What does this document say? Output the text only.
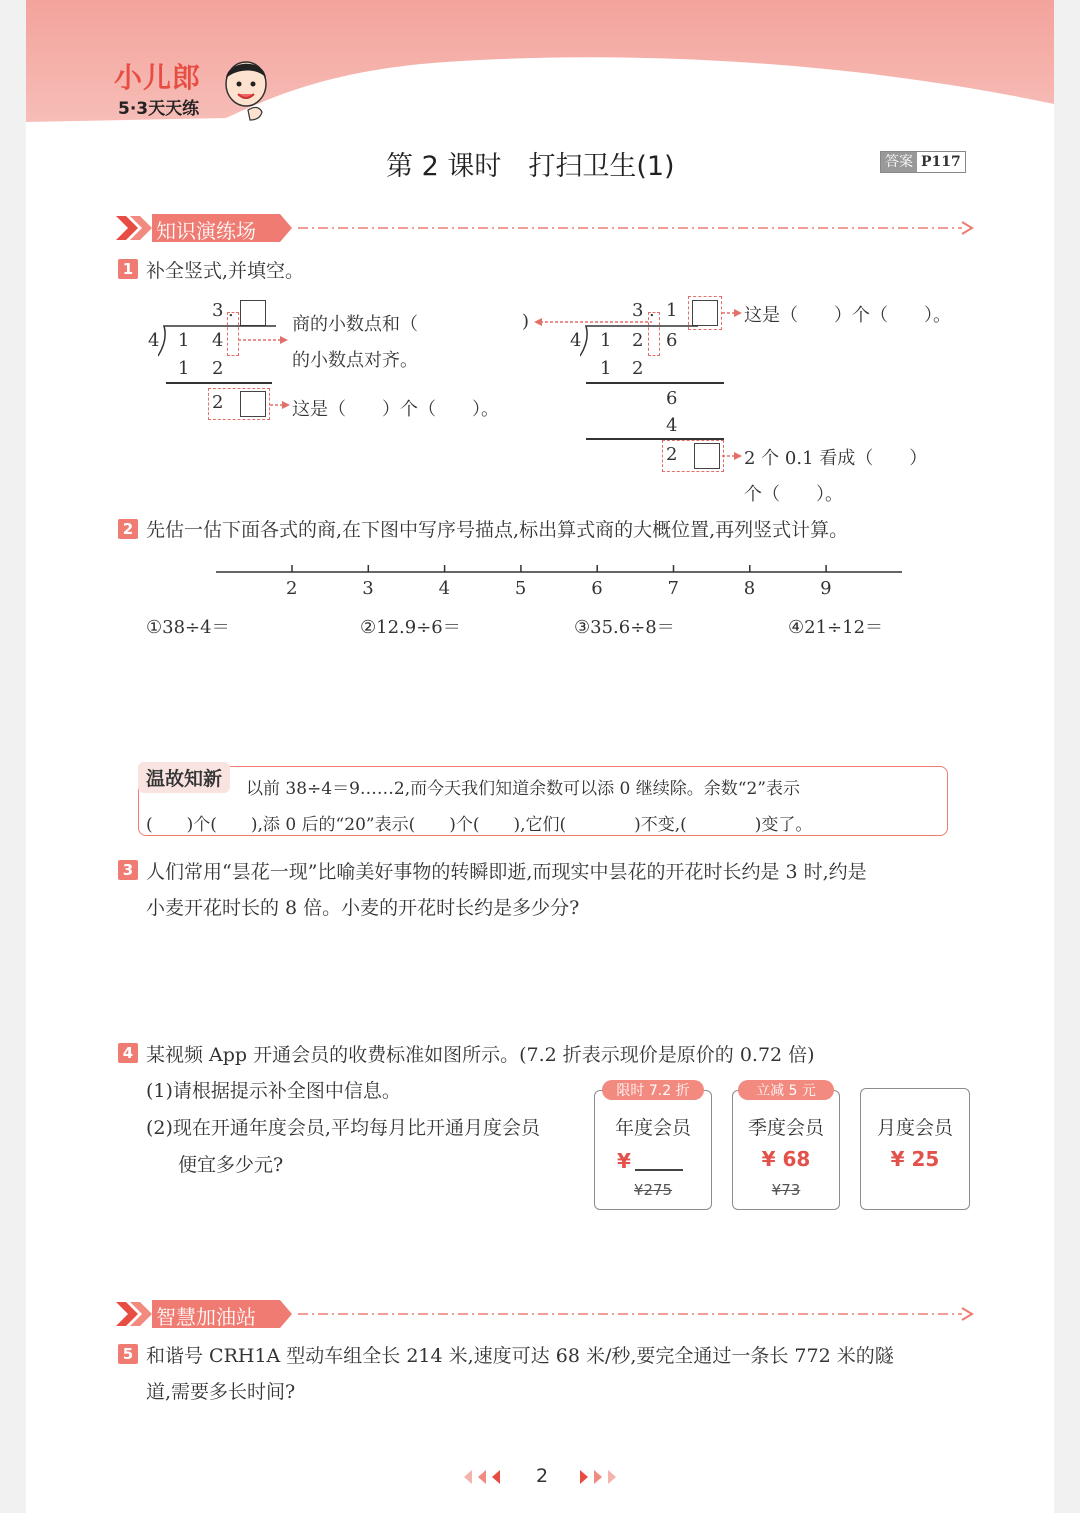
小儿郎
5·3天天练
第 2 课时　打扫卫生(1)	答案 P117
知识演练场
1 补全竖式,并填空。
3 .
4 1 4
1 2
2
商的小数点和（
的小数点对齐。
这是（　　）个（　　）。
)
3 . 1	这是（　　）个（　　）。
4 1 2 6
1 2
6
4
2	2 个 0.1 看成（　　）
个（　　）。
2 先估一估下面各式的商,在下图中写序号描点,标出算式商的大概位置,再列竖式计算。
2	3	4	5	6	7	8	9
①38÷4＝	②12.9÷6＝	③35.6÷8＝	④21÷12＝
温故知新	以前 38÷4＝9……2,而今天我们知道余数可以添 0 继续除。余数“2”表示
(　　)个(　　),添 0 后的“20”表示(　　)个(　　),它们(　　　　)不变,(　　　　)变了。
3 人们常用“昙花一现”比喻美好事物的转瞬即逝,而现实中昙花的开花时长约是 3 时,约是
小麦开花时长的 8 倍。小麦的开花时长约是多少分?
4 某视频 App 开通会员的收费标准如图所示。(7.2 折表示现价是原价的 0.72 倍)
(1)请根据提示补全图中信息。
(2)现在开通年度会员,平均每月比开通月度会员
便宜多少元?
年度会员
¥
¥275
限时 7.2 折
季度会员
¥ 68
¥73
立减 5 元
月度会员
¥ 25
智慧加油站
5 和谐号 CRH1A 型动车组全长 214 米,速度可达 68 米/秒,要完全通过一条长 772 米的隧
道,需要多长时间?
2
